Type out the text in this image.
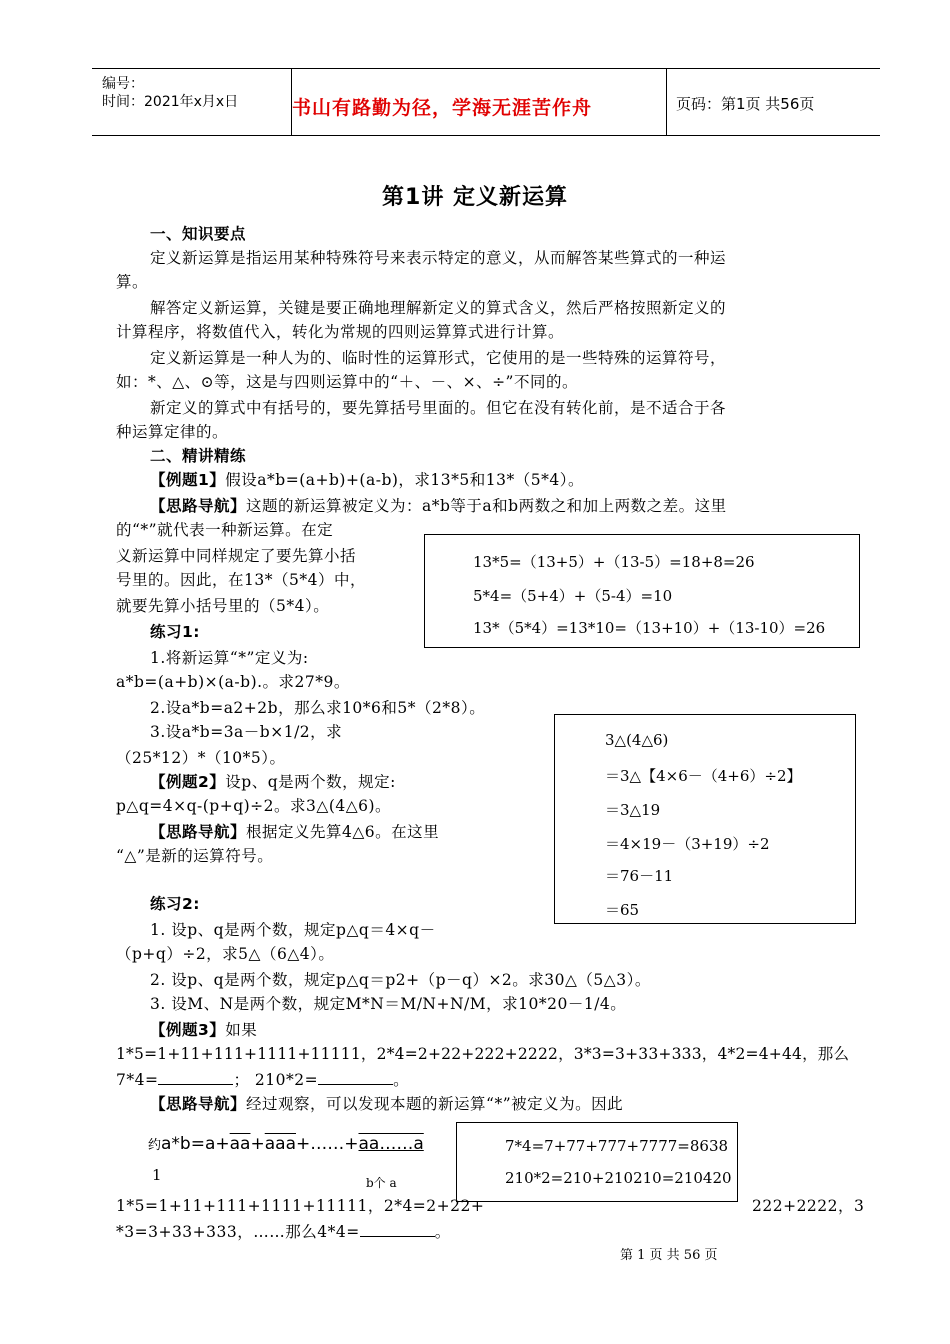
编号：
时间：2021年x月x日	书山有路勤为径，学海无涯苦作舟	页码：第1页 共56页
第1讲 定义新运算
一、知识要点
定义新运算是指运用某种特殊符号来表示特定的意义，从而解答某些算式的一种运
算。
解答定义新运算，关键是要正确地理解新定义的算式含义，然后严格按照新定义的
计算程序，将数值代入，转化为常规的四则运算算式进行计算。
定义新运算是一种人为的、临时性的运算形式，它使用的是一些特殊的运算符号，
如：*、△、⊙等，这是与四则运算中的“＋、－、×、÷”不同的。
新定义的算式中有括号的，要先算括号里面的。但它在没有转化前，是不适合于各
种运算定律的。
二、精讲精练
【例题1】假设a*b=(a+b)+(a-b)，求13*5和13*（5*4）。
【思路导航】这题的新运算被定义为：a*b等于a和b两数之和加上两数之差。这里
的“*”就代表一种新运算。在定
义新运算中同样规定了要先算小括
号里的。因此，在13*（5*4）中，
就要先算小括号里的（5*4）。
13*5=（13+5）+（13-5）=18+8=26
5*4=（5+4）+（5-4）=10
13*（5*4）=13*10=（13+10）+（13-10）=26
练习1:
1.将新运算“*”定义为:
a*b=(a+b)×(a-b).。求27*9。
2.设a*b=a2+2b，那么求10*6和5*（2*8）。
3.设a*b=3a－b×1/2，求
（25*12）*（10*5）。
【例题2】设p、q是两个数，规定:
p△q=4×q-(p+q)÷2。求3△(4△6)。
【思路导航】根据定义先算4△6。在这里
“△”是新的运算符号。
3△(4△6)
＝3△【4×6－（4+6）÷2】
＝3△19
＝4×19－（3+19）÷2
＝76－11
＝65
练习2:
1. 设p、q是两个数，规定p△q＝4×q－
（p+q）÷2，求5△（6△4）。
2. 设p、q是两个数，规定p△q＝p2+（p－q）×2。求30△（5△3）。
3. 设M、N是两个数，规定M*N＝M/N+N/M，求10*20－1/4。
【例题3】如果
1*5=1+11+111+1111+11111，2*4=2+22+222+2222，3*3=3+33+333，4*2=4+44，那么
7*4=	； 210*2=	。
【思路导航】经过观察，可以发现本题的新运算“*”被定义为。因此
约$a*b=a+\overline{aa}+\overline{aaa}+\dots\dots+aa\dots\dots a$
b个 a
1
7*4=7+77+777+7777=8638
210*2=210+210210=210420
1*5=1+11+111+1111+11111，2*4=2+22+	222+2222，3
*3=3+33+333，……那么4*4=	。
第 1 页 共 56 页
